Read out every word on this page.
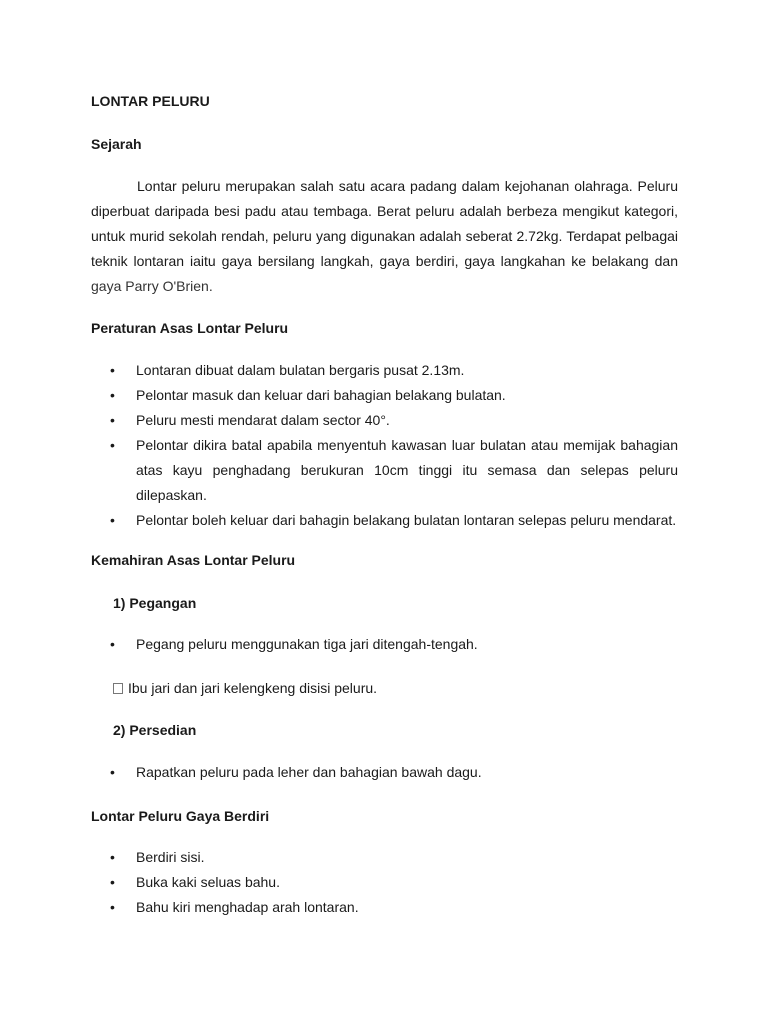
LONTAR PELURU
Sejarah
Lontar peluru merupakan salah satu acara padang dalam kejohanan olahraga. Peluru diperbuat daripada besi padu atau tembaga. Berat peluru adalah berbeza mengikut kategori, untuk murid sekolah rendah, peluru yang digunakan adalah seberat 2.72kg. Terdapat pelbagai teknik lontaran iaitu gaya bersilang langkah, gaya berdiri, gaya langkahan ke belakang dan gaya Parry O'Brien.
Peraturan Asas Lontar Peluru
• Lontaran dibuat dalam bulatan bergaris pusat 2.13m.
• Pelontar masuk dan keluar dari bahagian belakang bulatan.
• Peluru mesti mendarat dalam sector 40°.
• Pelontar dikira batal apabila menyentuh kawasan luar bulatan atau memijak bahagian atas kayu penghadang berukuran 10cm tinggi itu semasa dan selepas peluru dilepaskan.
• Pelontar boleh keluar dari bahagin belakang bulatan lontaran selepas peluru mendarat.
Kemahiran Asas Lontar Peluru
1) Pegangan
• Pegang peluru menggunakan tiga jari ditengah-tengah.
Ibu jari dan jari kelengkeng disisi peluru.
2) Persedian
• Rapatkan peluru pada leher dan bahagian bawah dagu.
Lontar Peluru Gaya Berdiri
• Berdiri sisi.
• Buka kaki seluas bahu.
• Bahu kiri menghadap arah lontaran.
